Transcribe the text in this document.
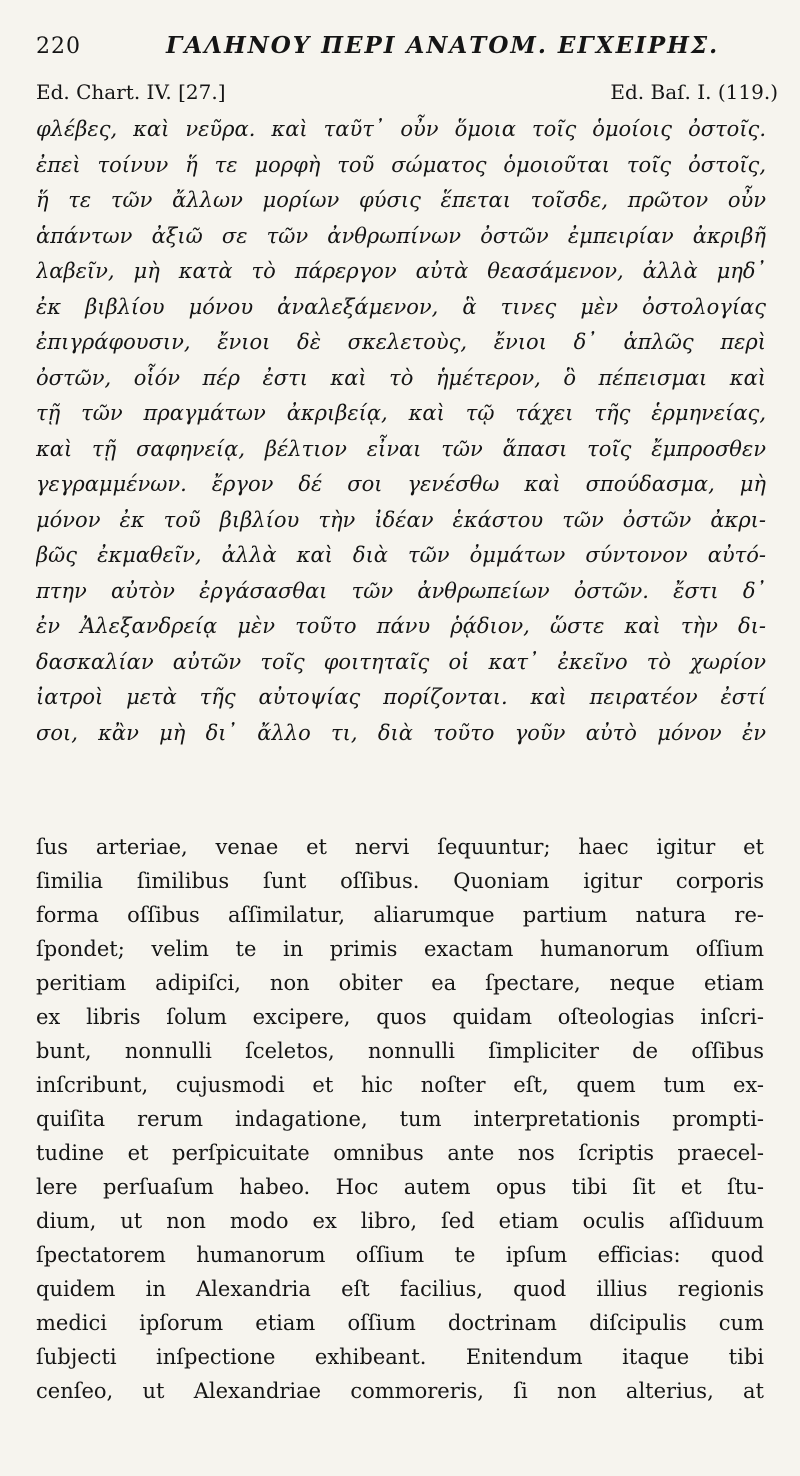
220	ΓΑΛΗΝΟΥ ΠΕΡΙ ΑΝΑΤΟΜ. ΕΓΧΕΙΡΗΣ.
Ed. Chart. IV. [27.]	Ed. Baſ. I. (119.)
φλέβες, καὶ νεῦρα. καὶ ταῦτ᾽ οὖν ὅμοια τοῖς ὁμοίοις ὀστοῖς.
ἐπεὶ τοίνυν ἥ τε μορφὴ τοῦ σώματος ὁμοιοῦται τοῖς ὀστοῖς,
ἥ τε τῶν ἄλλων μορίων φύσις ἕπεται τοῖσδε, πρῶτον οὖν
ἁπάντων ἀξιῶ σε τῶν ἀνθρωπίνων ὀστῶν ἐμπειρίαν ἀκριβῆ
λαβεῖν, μὴ κατὰ τὸ πάρεργον αὐτὰ θεασάμενον, ἀλλὰ μηδ᾽
ἐκ βιβλίου μόνου ἀναλεξάμενον, ἃ τινες μὲν ὀστολογίας
ἐπιγράφουσιν, ἔνιοι δὲ σκελετοὺς, ἔνιοι δ᾽ ἁπλῶς περὶ
ὀστῶν, οἷόν πέρ ἐστι καὶ τὸ ἡμέτερον, ὃ πέπεισμαι καὶ
τῇ τῶν πραγμάτων ἀκριβείᾳ, καὶ τῷ τάχει τῆς ἑρμηνείας,
καὶ τῇ σαφηνείᾳ, βέλτιον εἶναι τῶν ἅπασι τοῖς ἔμπροσθεν
γεγραμμένων. ἔργον δέ σοι γενέσθω καὶ σπούδασμα, μὴ
μόνον ἐκ τοῦ βιβλίου τὴν ἰδέαν ἑκάστου τῶν ὀστῶν ἀκρι-
βῶς ἐκμαθεῖν, ἀλλὰ καὶ διὰ τῶν ὀμμάτων σύντονον αὐτό-
πτην αὐτὸν ἐργάσασθαι τῶν ἀνθρωπείων ὀστῶν. ἔστι δ᾽
ἐν Ἀλεξανδρείᾳ μὲν τοῦτο πάνυ ῥᾴδιον, ὥστε καὶ τὴν δι-
δασκαλίαν αὐτῶν τοῖς φοιτηταῖς οἱ κατ᾽ ἐκεῖνο τὸ χωρίον
ἰατροὶ μετὰ τῆς αὐτοψίας πορίζονται. καὶ πειρατέον ἐστί
σοι, κἂν μὴ δι᾽ ἄλλο τι, διὰ τοῦτο γοῦν αὐτὸ μόνον ἐν
ſus arteriae, venae et nervi ſequuntur; haec igitur et
ſimilia ſimilibus ſunt oſſibus. Quoniam igitur corporis
forma oſſibus aſſimilatur, aliarumque partium natura re-
ſpondet; velim te in primis exactam humanorum oſſium
peritiam adipiſci, non obiter ea ſpectare, neque etiam
ex libris ſolum excipere, quos quidam oſteologias inſcri-
bunt, nonnulli ſceletos, nonnulli ſimpliciter de oſſibus
inſcribunt, cujusmodi et hic noſter eſt, quem tum ex-
quiſita rerum indagatione, tum interpretationis prompti-
tudine et perſpicuitate omnibus ante nos ſcriptis praecel-
lere perſuaſum habeo. Hoc autem opus tibi ſit et ſtu-
dium, ut non modo ex libro, ſed etiam oculis aſſiduum
ſpectatorem humanorum oſſium te ipſum efficias: quod
quidem in Alexandria eſt facilius, quod illius regionis
medici ipſorum etiam oſſium doctrinam diſcipulis cum
ſubjecti inſpectione exhibeant. Enitendum itaque tibi
cenſeo, ut Alexandriae commoreris, ſi non alterius, at
